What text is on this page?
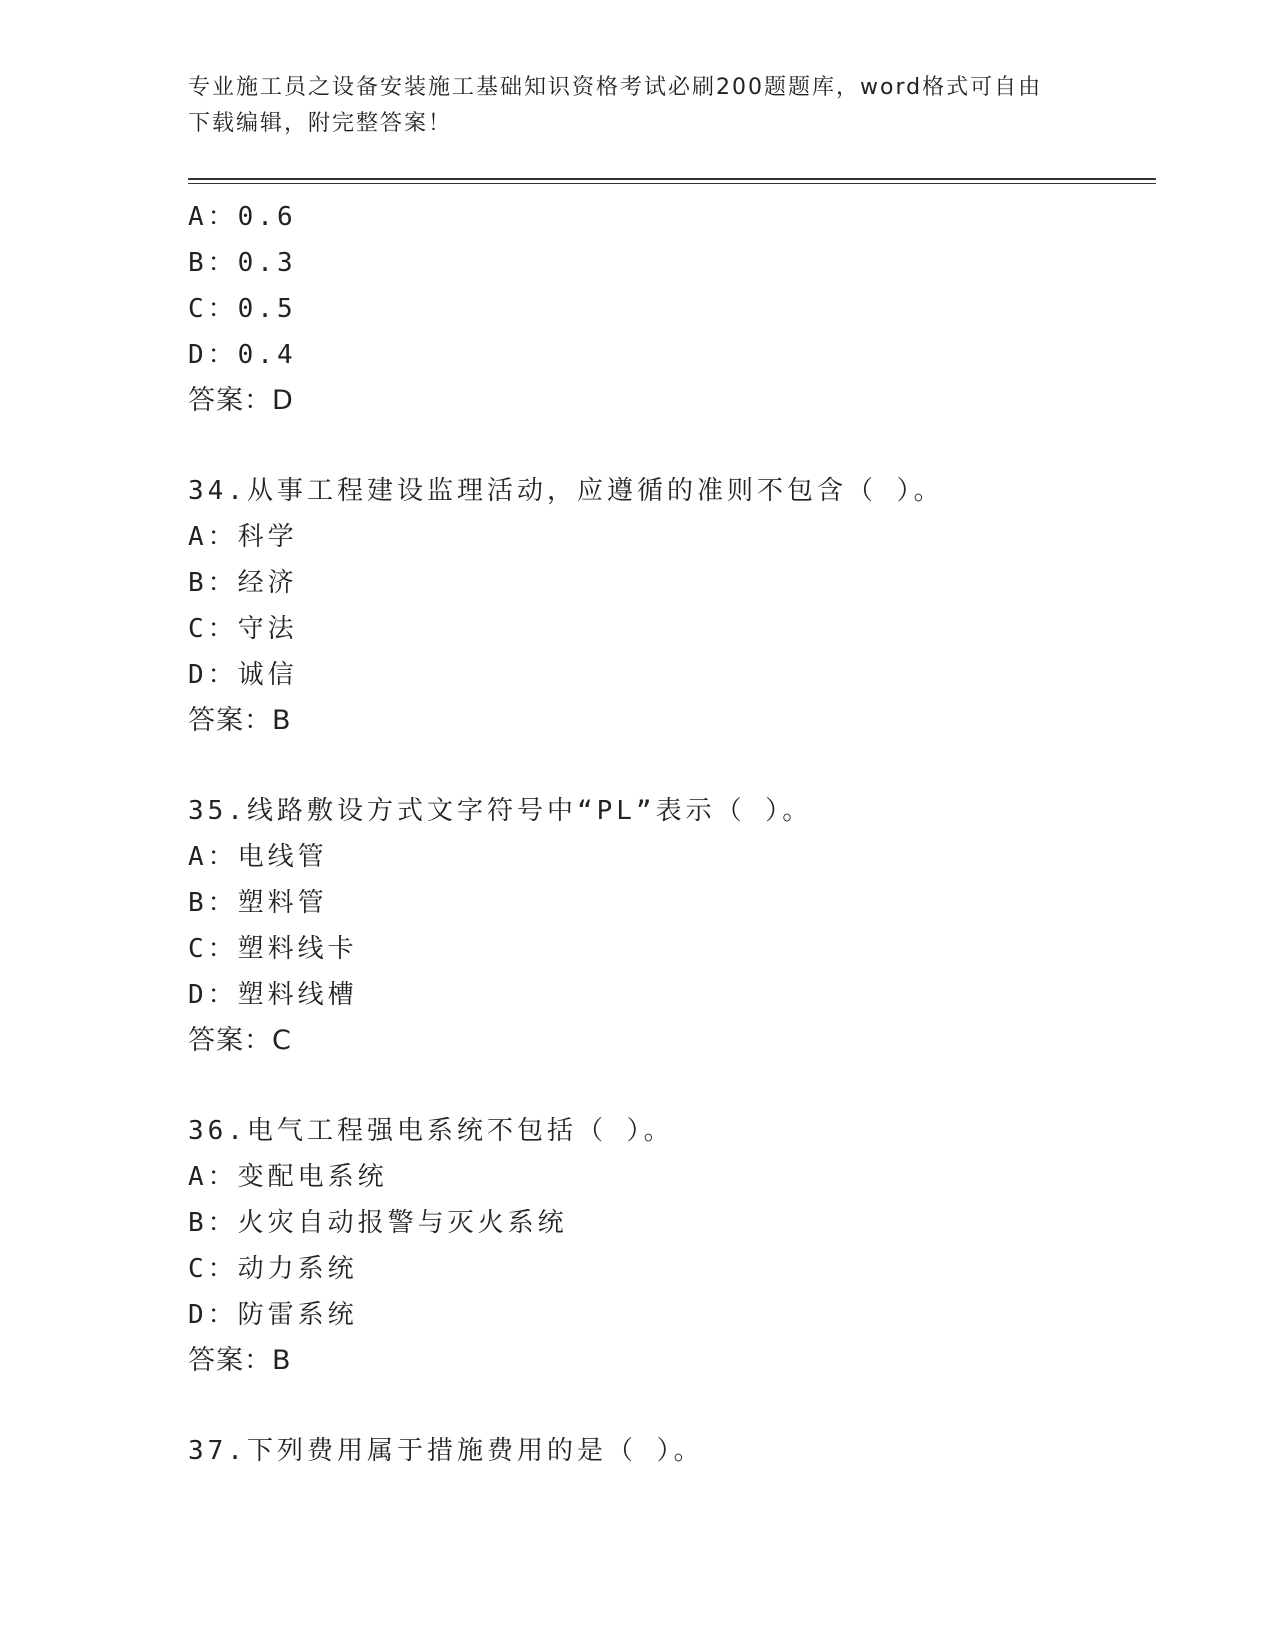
专业施工员之设备安装施工基础知识资格考试必刷200题题库，word格式可自由
下载编辑，附完整答案！
A：0.6
B：0.3
C：0.5
D：0.4
答案：D
34.从事工程建设监理活动，应遵循的准则不包含（ ）。
A：科学
B：经济
C：守法
D：诚信
答案：B
35.线路敷设方式文字符号中“PL”表示（ ）。
A：电线管
B：塑料管
C：塑料线卡
D：塑料线槽
答案：C
36.电气工程强电系统不包括（ ）。
A：变配电系统
B：火灾自动报警与灭火系统
C：动力系统
D：防雷系统
答案：B
37.下列费用属于措施费用的是（ ）。
